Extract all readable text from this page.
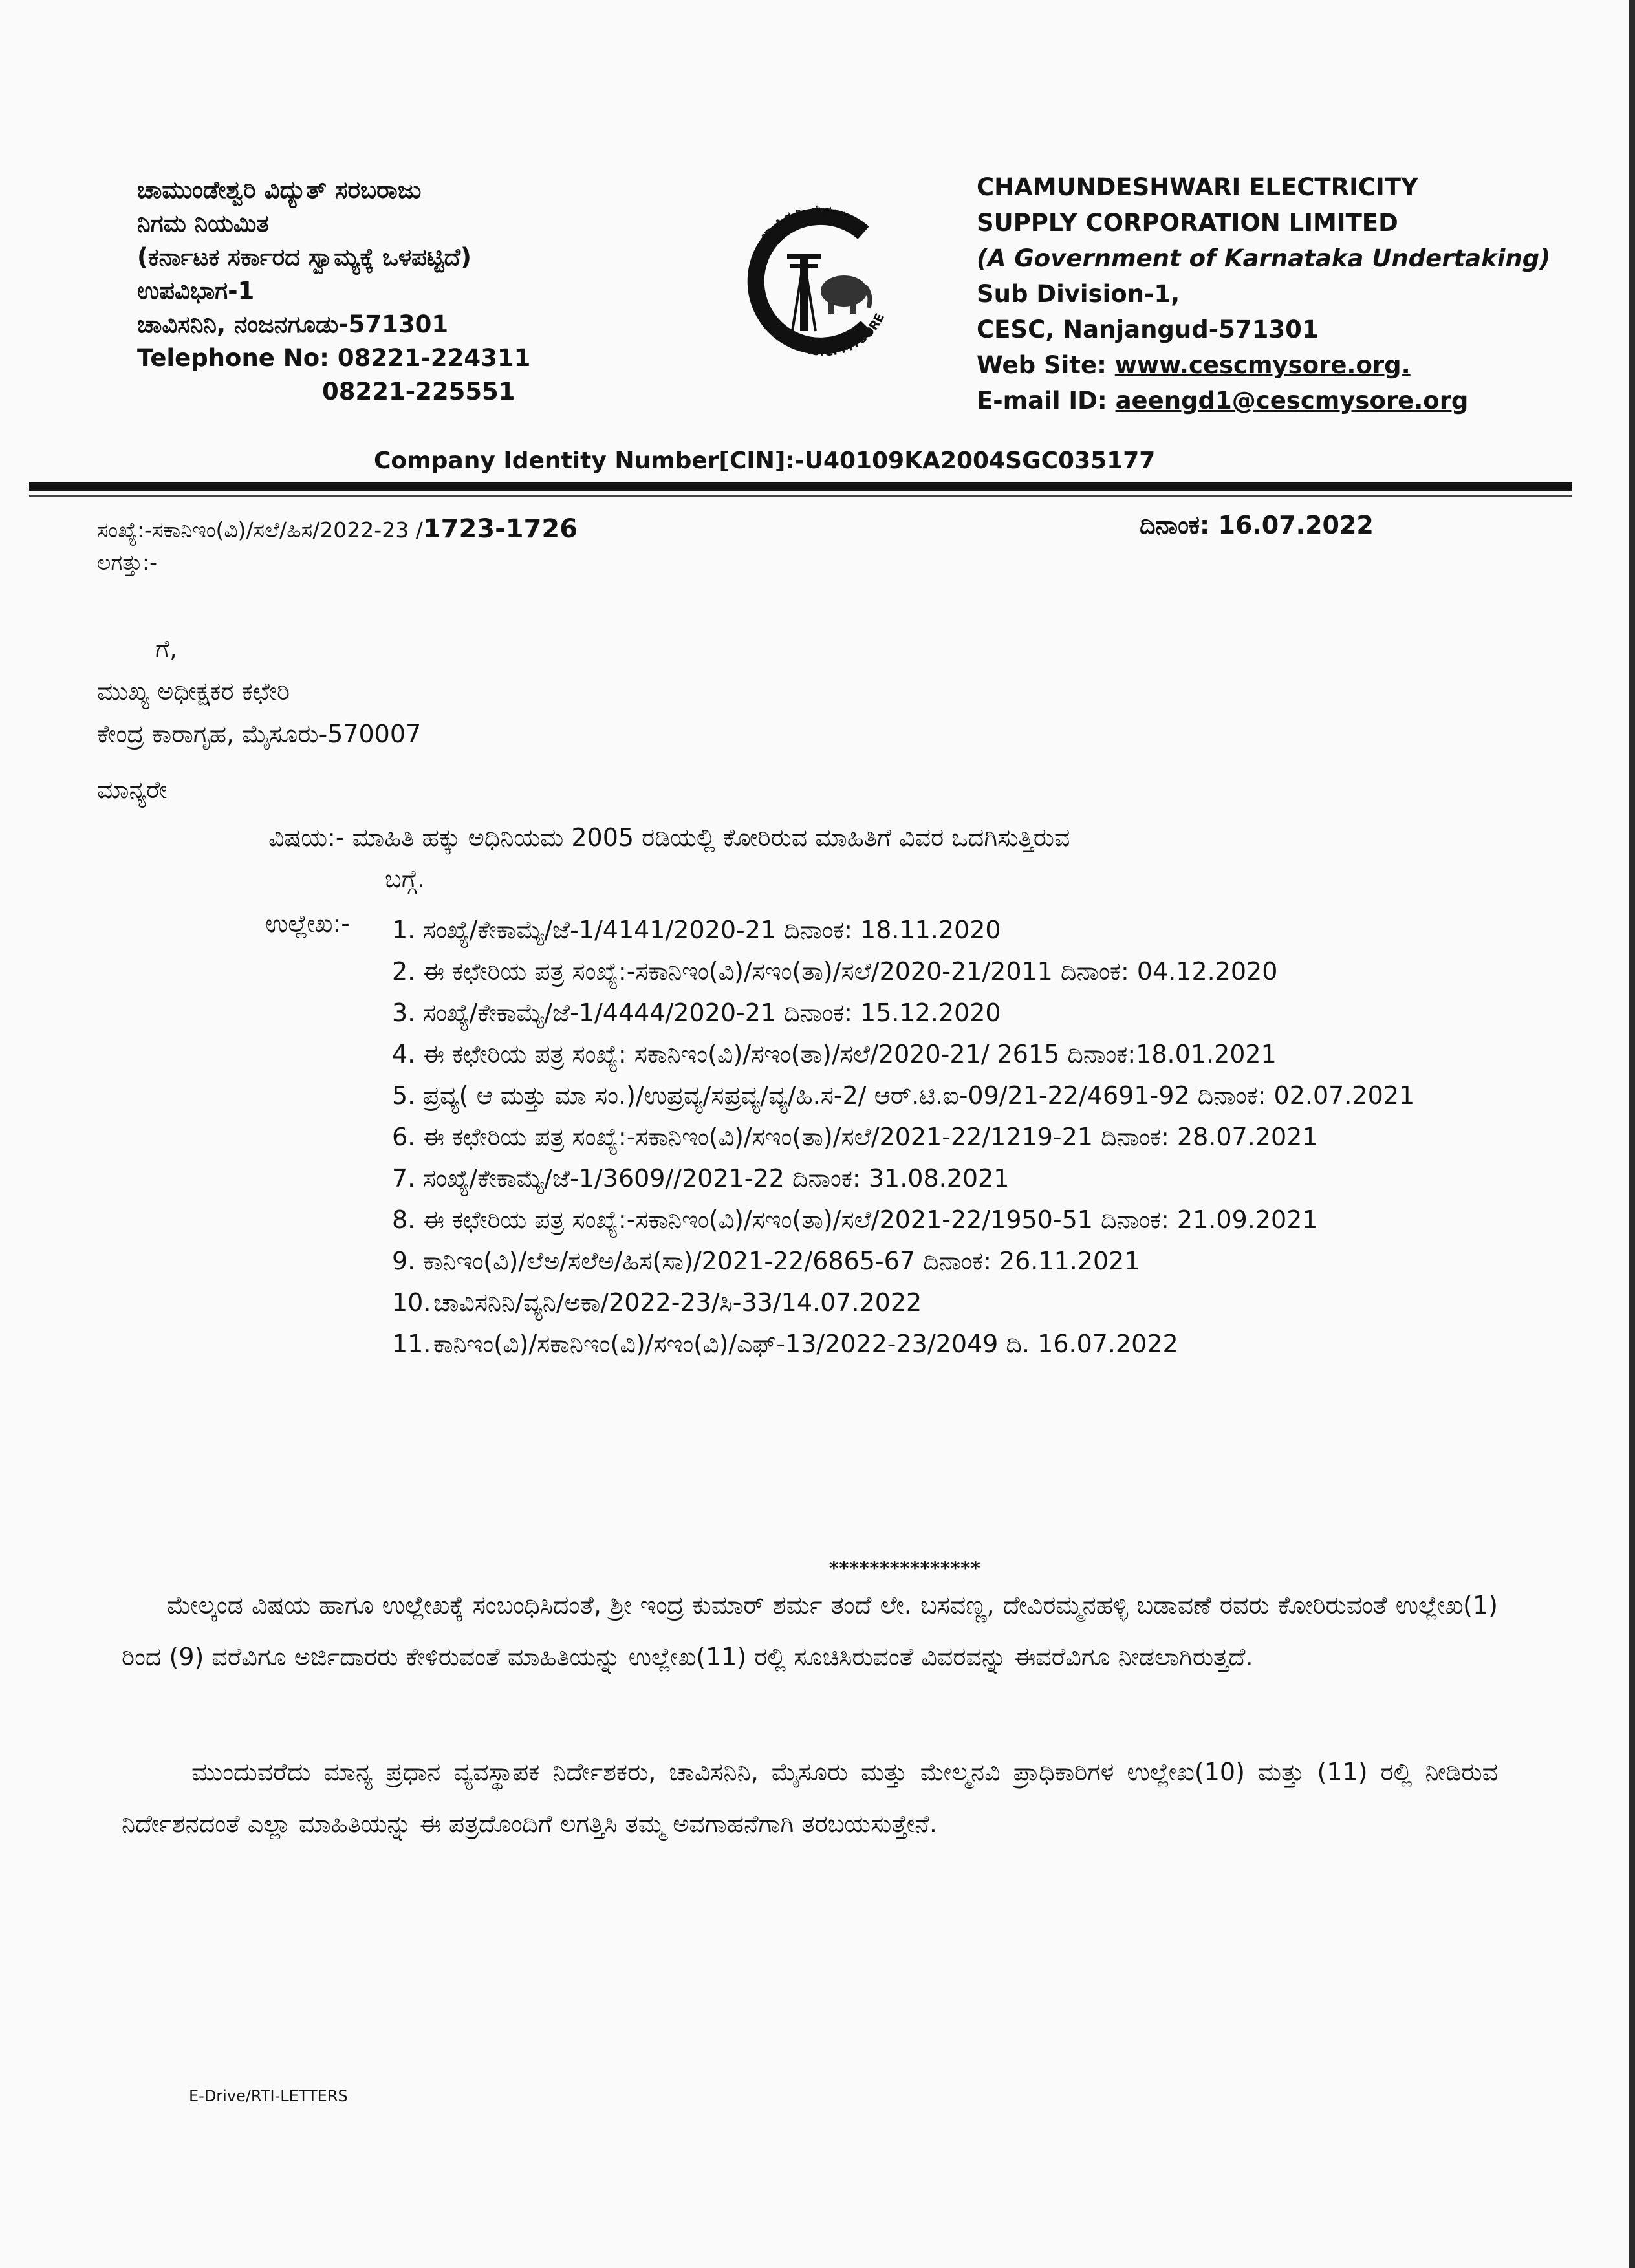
ಚಾಮುಂಡೇಶ್ವರಿ ವಿದ್ಯುತ್ ಸರಬರಾಜು
ನಿಗಮ ನಿಯಮಿತ
(ಕರ್ನಾಟಕ ಸರ್ಕಾರದ ಸ್ವಾಮ್ಯಕ್ಕೆ ಒಳಪಟ್ಟಿದೆ)
ಉಪವಿಭಾಗ-1
ಚಾವಿಸನಿನಿ, ನಂಜನಗೂಡು-571301
Telephone No: 08221-224311
08221-225551
ಚಾ.ವಿ.ಸ.ನಿ. ಮೈಸೂರು
C.E.S.C. MYSORE
CHAMUNDESHWARI ELECTRICITY
SUPPLY CORPORATION LIMITED
(A Government of Karnataka Undertaking)
Sub Division-1,
CESC, Nanjangud-571301
Web Site: www.cescmysore.org.
E-mail ID: aeengd1@cescmysore.org
Company Identity Number[CIN]:-U40109KA2004SGC035177
ಸಂಖ್ಯೆ:-ಸಕಾನಿಇಂ(ವಿ)/ಸಲೆ/ಹಿಸ/2022-23 /1723-1726	ದಿನಾಂಕ: 16.07.2022
ಲಗತ್ತು:-
ಗೆ,
ಮುಖ್ಯ ಅಧೀಕ್ಷಕರ ಕಛೇರಿ
ಕೇಂದ್ರ ಕಾರಾಗೃಹ, ಮೈಸೂರು-570007
ಮಾನ್ಯರೇ
ವಿಷಯ:- ಮಾಹಿತಿ ಹಕ್ಕು ಅಧಿನಿಯಮ 2005 ರಡಿಯಲ್ಲಿ ಕೋರಿರುವ ಮಾಹಿತಿಗೆ ವಿವರ ಒದಗಿಸುತ್ತಿರುವ
ಬಗ್ಗೆ.
ಉಲ್ಲೇಖ:- 1. ಸಂಖ್ಯೆ/ಕೇಕಾಮ್ಯೆ/ಜೆ-1/4141/2020-21 ದಿನಾಂಕ: 18.11.2020
2. ಈ ಕಛೇರಿಯ ಪತ್ರ ಸಂಖ್ಯೆ:-ಸಕಾನಿಇಂ(ವಿ)/ಸಇಂ(ತಾ)/ಸಲೆ/2020-21/2011 ದಿನಾಂಕ: 04.12.2020
3. ಸಂಖ್ಯೆ/ಕೇಕಾಮ್ಯೆ/ಜೆ-1/4444/2020-21 ದಿನಾಂಕ: 15.12.2020
4. ಈ ಕಛೇರಿಯ ಪತ್ರ ಸಂಖ್ಯೆ: ಸಕಾನಿಇಂ(ವಿ)/ಸಇಂ(ತಾ)/ಸಲೆ/2020-21/ 2615 ದಿನಾಂಕ:18.01.2021
5. ಪ್ರವ್ಯ( ಆ ಮತ್ತು ಮಾ ಸಂ.)/ಉಪ್ರವ್ಯ/ಸಪ್ರವ್ಯ/ವ್ಯ/ಹಿ.ಸ-2/ ಆರ್.ಟಿ.ಐ-09/21-22/4691-92 ದಿನಾಂಕ: 02.07.2021
6. ಈ ಕಛೇರಿಯ ಪತ್ರ ಸಂಖ್ಯೆ:-ಸಕಾನಿಇಂ(ವಿ)/ಸಇಂ(ತಾ)/ಸಲೆ/2021-22/1219-21 ದಿನಾಂಕ: 28.07.2021
7. ಸಂಖ್ಯೆ/ಕೇಕಾಮ್ಯೆ/ಜೆ-1/3609//2021-22 ದಿನಾಂಕ: 31.08.2021
8. ಈ ಕಛೇರಿಯ ಪತ್ರ ಸಂಖ್ಯೆ:-ಸಕಾನಿಇಂ(ವಿ)/ಸಇಂ(ತಾ)/ಸಲೆ/2021-22/1950-51 ದಿನಾಂಕ: 21.09.2021
9. ಕಾನಿಇಂ(ವಿ)/ಲೆಅ/ಸಲೆಅ/ಹಿಸ(ಸಾ)/2021-22/6865-67 ದಿನಾಂಕ: 26.11.2021
10. ಚಾವಿಸನಿನಿ/ವ್ಯನಿ/ಅಕಾ/2022-23/ಸಿ-33/14.07.2022
11. ಕಾನಿಇಂ(ವಿ)/ಸಕಾನಿಇಂ(ವಿ)/ಸಇಂ(ವಿ)/ಎಫ್-13/2022-23/2049 ದಿ. 16.07.2022
***************
ಮೇಲ್ಕಂಡ ವಿಷಯ ಹಾಗೂ ಉಲ್ಲೇಖಕ್ಕೆ ಸಂಬಂಧಿಸಿದಂತೆ, ಶ್ರೀ ಇಂದ್ರ ಕುಮಾರ್ ಶರ್ಮ ತಂದೆ ಲೇ. ಬಸವಣ್ಣ, ದೇವಿರಮ್ಮನಹಳ್ಳಿ ಬಡಾವಣೆ ರವರು ಕೋರಿರುವಂತೆ ಉಲ್ಲೇಖ(1) ರಿಂದ (9) ವರೆವಿಗೂ ಅರ್ಜಿದಾರರು ಕೇಳಿರುವಂತೆ ಮಾಹಿತಿಯನ್ನು ಉಲ್ಲೇಖ(11) ರಲ್ಲಿ ಸೂಚಿಸಿರುವಂತೆ ವಿವರವನ್ನು ಈವರೆವಿಗೂ ನೀಡಲಾಗಿರುತ್ತದೆ.
ಮುಂದುವರೆದು ಮಾನ್ಯ ಪ್ರಧಾನ ವ್ಯವಸ್ಥಾಪಕ ನಿರ್ದೇಶಕರು, ಚಾವಿಸನಿನಿ, ಮೈಸೂರು ಮತ್ತು ಮೇಲ್ಮನವಿ ಪ್ರಾಧಿಕಾರಿಗಳ ಉಲ್ಲೇಖ(10) ಮತ್ತು (11) ರಲ್ಲಿ ನೀಡಿರುವ ನಿರ್ದೇಶನದಂತೆ ಎಲ್ಲಾ ಮಾಹಿತಿಯನ್ನು ಈ ಪತ್ರದೊಂದಿಗೆ ಲಗತ್ತಿಸಿ ತಮ್ಮ ಅವಗಾಹನೆಗಾಗಿ ತರಬಯಸುತ್ತೇನೆ.
E-Drive/RTI-LETTERS
